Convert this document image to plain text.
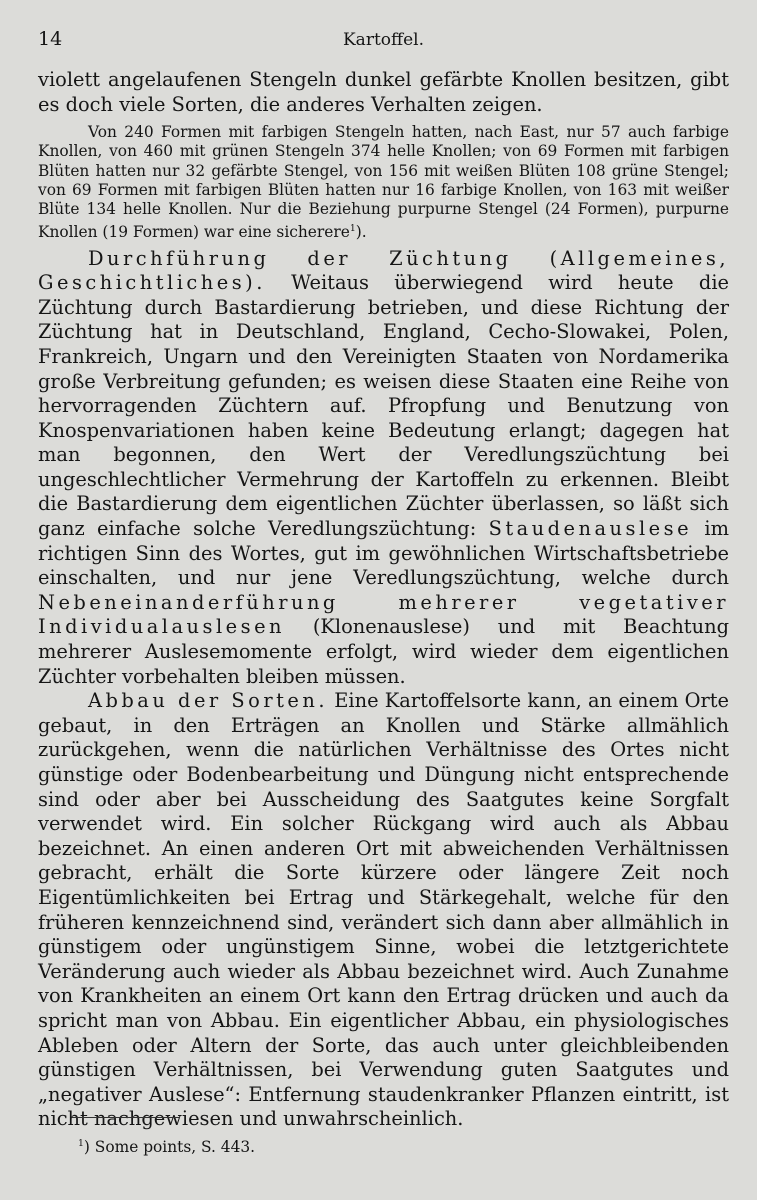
14	Kartoffel.

violett angelaufenen Stengeln dunkel gefärbte Knollen besitzen, gibt es doch viele Sorten, die anderes Verhalten zeigen.

Von 240 Formen mit farbigen Stengeln hatten, nach East, nur 57 auch farbige Knollen, von 460 mit grünen Stengeln 374 helle Knollen; von 69 Formen mit farbigen Blüten hatten nur 32 gefärbte Stengel, von 156 mit weißen Blüten 108 grüne Stengel; von 69 Formen mit farbigen Blüten hatten nur 16 farbige Knollen, von 163 mit weißer Blüte 134 helle Knollen. Nur die Beziehung purpurne Stengel (24 Formen), purpurne Knollen (19 Formen) war eine sicherere$^1$).

Durchführung der Züchtung (Allgemeines, Geschichtliches). Weitaus überwiegend wird heute die Züchtung durch Bastardierung betrieben, und diese Richtung der Züchtung hat in Deutschland, England, Cecho-Slowakei, Polen, Frankreich, Ungarn und den Vereinigten Staaten von Nordamerika große Verbreitung gefunden; es weisen diese Staaten eine Reihe von hervorragenden Züchtern auf. Pfropfung und Benutzung von Knospenvariationen haben keine Bedeutung erlangt; dagegen hat man begonnen, den Wert der Veredlungszüchtung bei ungeschlechtlicher Vermehrung der Kartoffeln zu erkennen. Bleibt die Bastardierung dem eigentlichen Züchter überlassen, so läßt sich ganz einfache solche Veredlungszüchtung: Staudenauslese im richtigen Sinn des Wortes, gut im gewöhnlichen Wirtschaftsbetriebe einschalten, und nur jene Veredlungszüchtung, welche durch Nebeneinanderführung mehrerer vegetativer Individualauslesen (Klonenauslese) und mit Beachtung mehrerer Auslesemomente erfolgt, wird wieder dem eigentlichen Züchter vorbehalten bleiben müssen.

Abbau der Sorten. Eine Kartoffelsorte kann, an einem Orte gebaut, in den Erträgen an Knollen und Stärke allmählich zurückgehen, wenn die natürlichen Verhältnisse des Ortes nicht günstige oder Bodenbearbeitung und Düngung nicht entsprechende sind oder aber bei Ausscheidung des Saatgutes keine Sorgfalt verwendet wird. Ein solcher Rückgang wird auch als Abbau bezeichnet. An einen anderen Ort mit abweichenden Verhältnissen gebracht, erhält die Sorte kürzere oder längere Zeit noch Eigentümlichkeiten bei Ertrag und Stärkegehalt, welche für den früheren kennzeichnend sind, verändert sich dann aber allmählich in günstigem oder ungünstigem Sinne, wobei die letztgerichtete Veränderung auch wieder als Abbau bezeichnet wird. Auch Zunahme von Krankheiten an einem Ort kann den Ertrag drücken und auch da spricht man von Abbau. Ein eigentlicher Abbau, ein physiologisches Ableben oder Altern der Sorte, das auch unter gleichbleibenden günstigen Verhältnissen, bei Verwendung guten Saatgutes und „negativer Auslese“: Entfernung staudenkranker Pflanzen eintritt, ist nicht nachgewiesen und unwahrscheinlich.

$^1$) Some points, S. 443.
